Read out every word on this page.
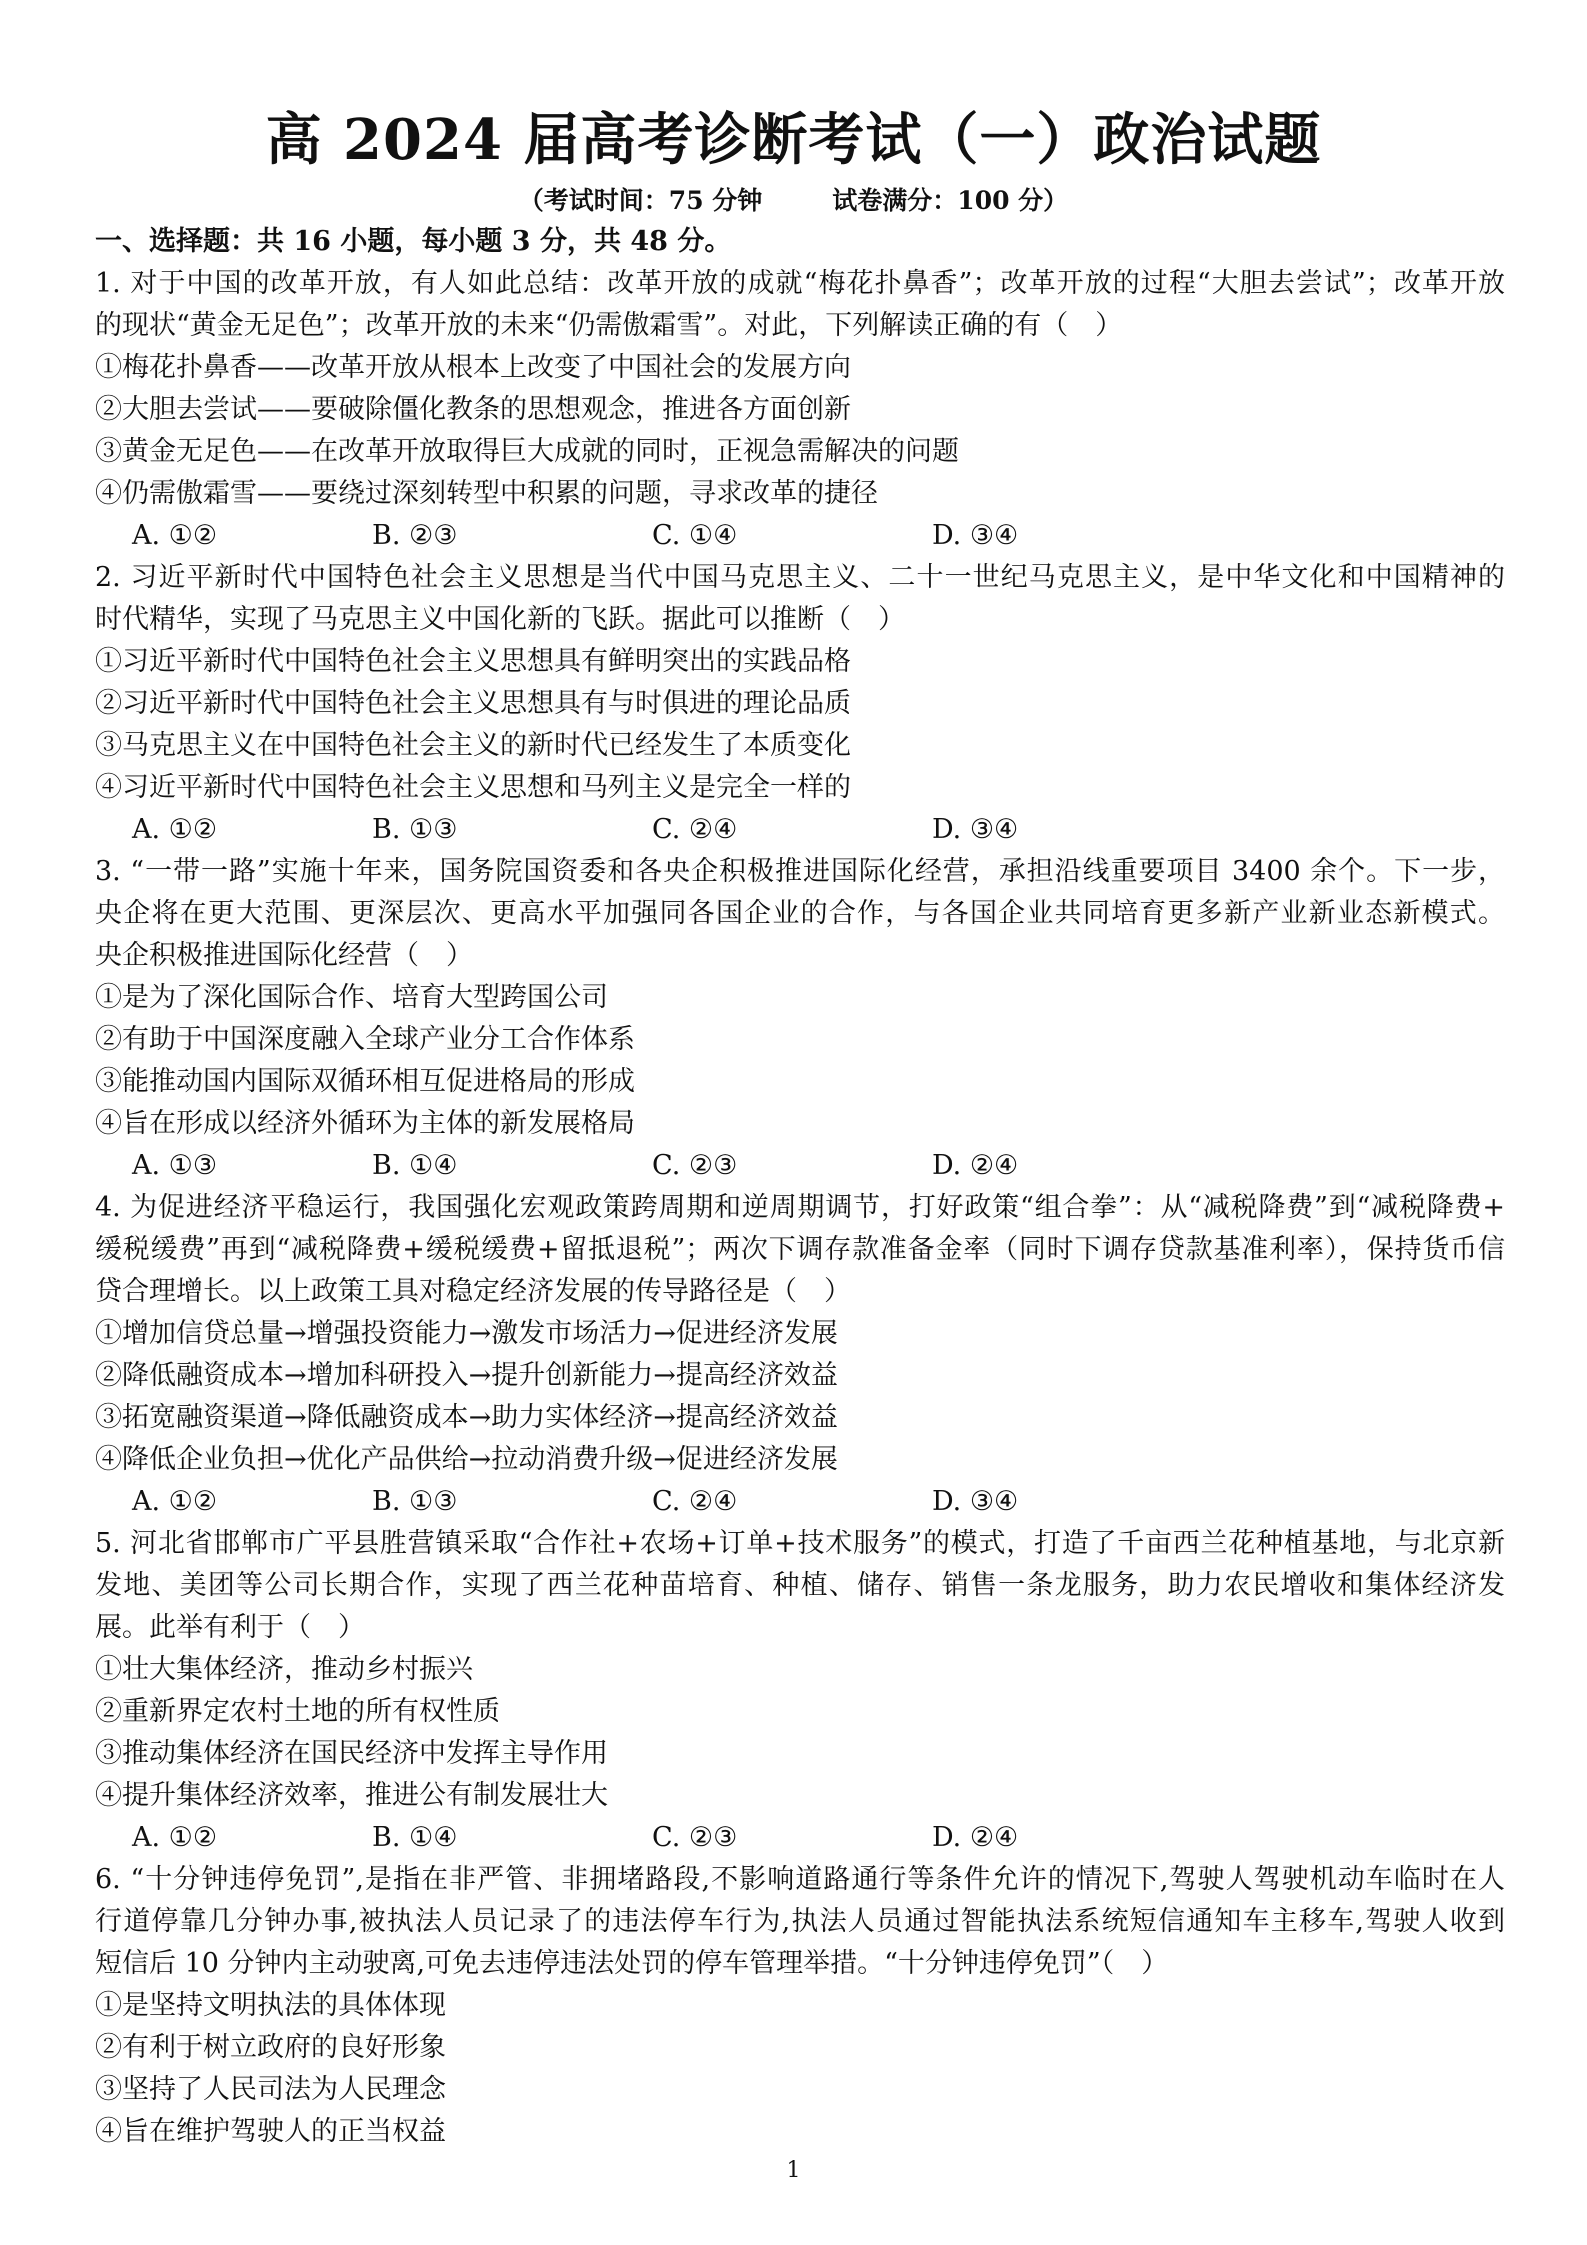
高 2024 届高考诊断考试（一）政治试题
（考试时间：75 分钟	试卷满分：100 分）
一、选择题：共 16 小题，每小题 3 分，共 48 分。
1. 对于中国的改革开放，有人如此总结：改革开放的成就“梅花扑鼻香”；改革开放的过程“大胆去尝试”；改革开放
的现状“黄金无足色”；改革开放的未来“仍需傲霜雪”。对此，下列解读正确的有（　）
①梅花扑鼻香——改革开放从根本上改变了中国社会的发展方向
②大胆去尝试——要破除僵化教条的思想观念，推进各方面创新
③黄金无足色——在改革开放取得巨大成就的同时，正视急需解决的问题
④仍需傲霜雪——要绕过深刻转型中积累的问题，寻求改革的捷径
A. ①②	B. ②③	C. ①④	D. ③④
2. 习近平新时代中国特色社会主义思想是当代中国马克思主义、二十一世纪马克思主义，是中华文化和中国精神的
时代精华，实现了马克思主义中国化新的飞跃。据此可以推断（　）
①习近平新时代中国特色社会主义思想具有鲜明突出的实践品格
②习近平新时代中国特色社会主义思想具有与时俱进的理论品质
③马克思主义在中国特色社会主义的新时代已经发生了本质变化
④习近平新时代中国特色社会主义思想和马列主义是完全一样的
A. ①②	B. ①③	C. ②④	D. ③④
3. “一带一路”实施十年来，国务院国资委和各央企积极推进国际化经营，承担沿线重要项目 3400 余个。下一步，
央企将在更大范围、更深层次、更高水平加强同各国企业的合作，与各国企业共同培育更多新产业新业态新模式。
央企积极推进国际化经营（　）
①是为了深化国际合作、培育大型跨国公司
②有助于中国深度融入全球产业分工合作体系
③能推动国内国际双循环相互促进格局的形成
④旨在形成以经济外循环为主体的新发展格局
A. ①③	B. ①④	C. ②③	D. ②④
4. 为促进经济平稳运行，我国强化宏观政策跨周期和逆周期调节，打好政策“组合拳”：从“减税降费”到“减税降费+
缓税缓费”再到“减税降费+缓税缓费+留抵退税”；两次下调存款准备金率（同时下调存贷款基准利率），保持货币信
贷合理增长。以上政策工具对稳定经济发展的传导路径是（　）
①增加信贷总量→增强投资能力→激发市场活力→促进经济发展
②降低融资成本→增加科研投入→提升创新能力→提高经济效益
③拓宽融资渠道→降低融资成本→助力实体经济→提高经济效益
④降低企业负担→优化产品供给→拉动消费升级→促进经济发展
A. ①②	B. ①③	C. ②④	D. ③④
5. 河北省邯郸市广平县胜营镇采取“合作社+农场+订单+技术服务”的模式，打造了千亩西兰花种植基地，与北京新
发地、美团等公司长期合作，实现了西兰花种苗培育、种植、储存、销售一条龙服务，助力农民增收和集体经济发
展。此举有利于（　）
①壮大集体经济，推动乡村振兴
②重新界定农村土地的所有权性质
③推动集体经济在国民经济中发挥主导作用
④提升集体经济效率，推进公有制发展壮大
A. ①②	B. ①④	C. ②③	D. ②④
6. “十分钟违停免罚”,是指在非严管、非拥堵路段,不影响道路通行等条件允许的情况下,驾驶人驾驶机动车临时在人
行道停靠几分钟办事,被执法人员记录了的违法停车行为,执法人员通过智能执法系统短信通知车主移车,驾驶人收到
短信后 10 分钟内主动驶离,可免去违停违法处罚的停车管理举措。“十分钟违停免罚”（　）
①是坚持文明执法的具体体现
②有利于树立政府的良好形象
③坚持了人民司法为人民理念
④旨在维护驾驶人的正当权益
1
